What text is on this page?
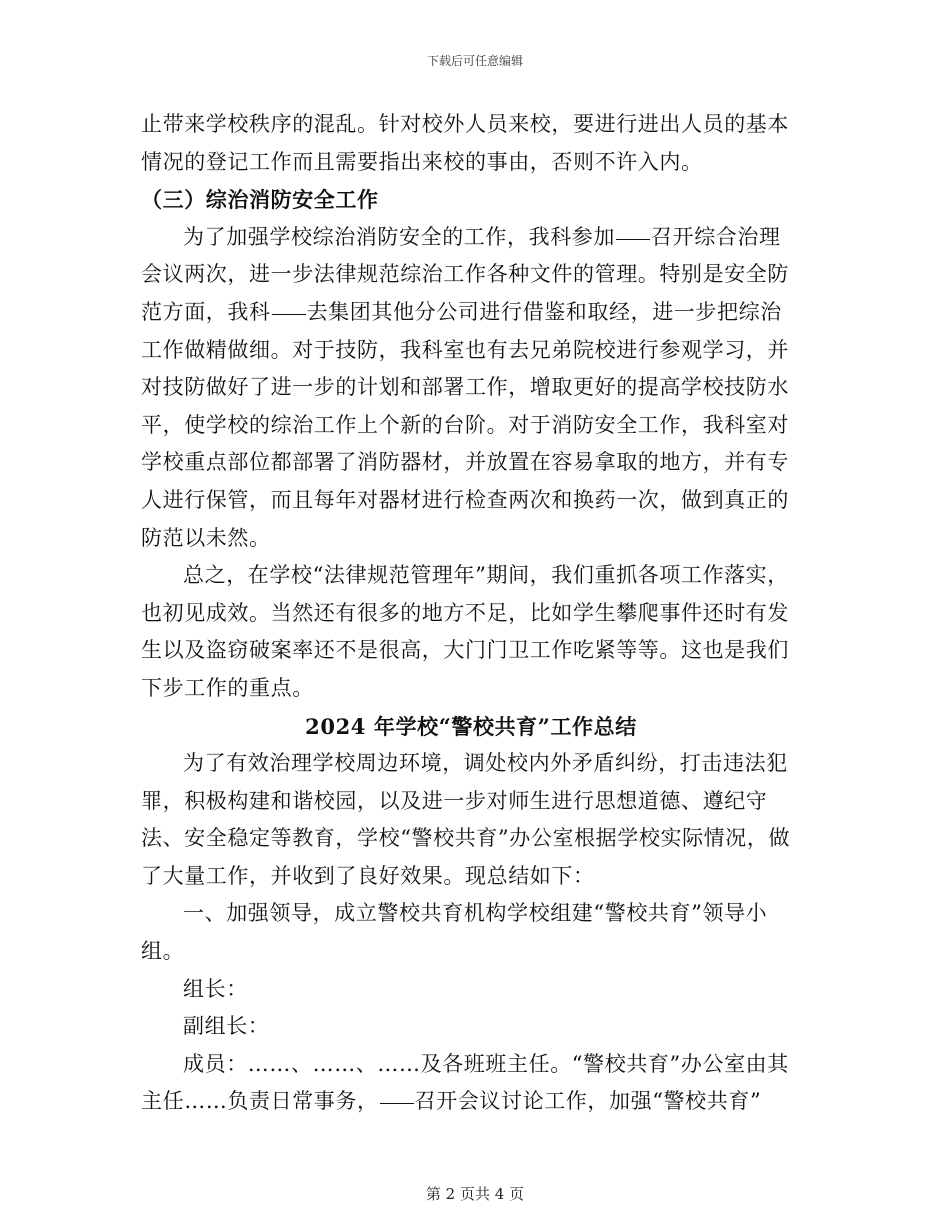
下载后可任意编辑

止带来学校秩序的混乱。针对校外人员来校，要进行进出人员的基本情况的登记工作而且需要指出来校的事由，否则不许入内。

（三）综治消防安全工作

为了加强学校综治消防安全的工作，我科参加 召开综合治理会议两次，进一步法律规范综治工作各种文件的管理。特别是安全防范方面，我科 去集团其他分公司进行借鉴和取经，进一步把综治工作做精做细。对于技防，我科室也有去兄弟院校进行参观学习，并对技防做好了进一步的计划和部署工作，增取更好的提高学校技防水平，使学校的综治工作上个新的台阶。对于消防安全工作，我科室对学校重点部位都部署了消防器材，并放置在容易拿取的地方，并有专人进行保管，而且每年对器材进行检查两次和换药一次，做到真正的防范以未然。

总之，在学校“法律规范管理年”期间，我们重抓各项工作落实，也初见成效。当然还有很多的地方不足，比如学生攀爬事件还时有发生以及盗窃破案率还不是很高，大门门卫工作吃紧等等。这也是我们下步工作的重点。

2024 年学校“警校共育”工作总结

为了有效治理学校周边环境，调处校内外矛盾纠纷，打击违法犯罪，积极构建和谐校园，以及进一步对师生进行思想道德、遵纪守法、安全稳定等教育，学校“警校共育”办公室根据学校实际情况，做了大量工作，并收到了良好效果。现总结如下：

一、加强领导，成立警校共育机构学校组建“警校共育”领导小组。

组长：

副组长：

成员：……、……、……及各班班主任。“警校共育”办公室由其主任……负责日常事务， 召开会议讨论工作，加强“警校共育”

第 2 页共 4 页
